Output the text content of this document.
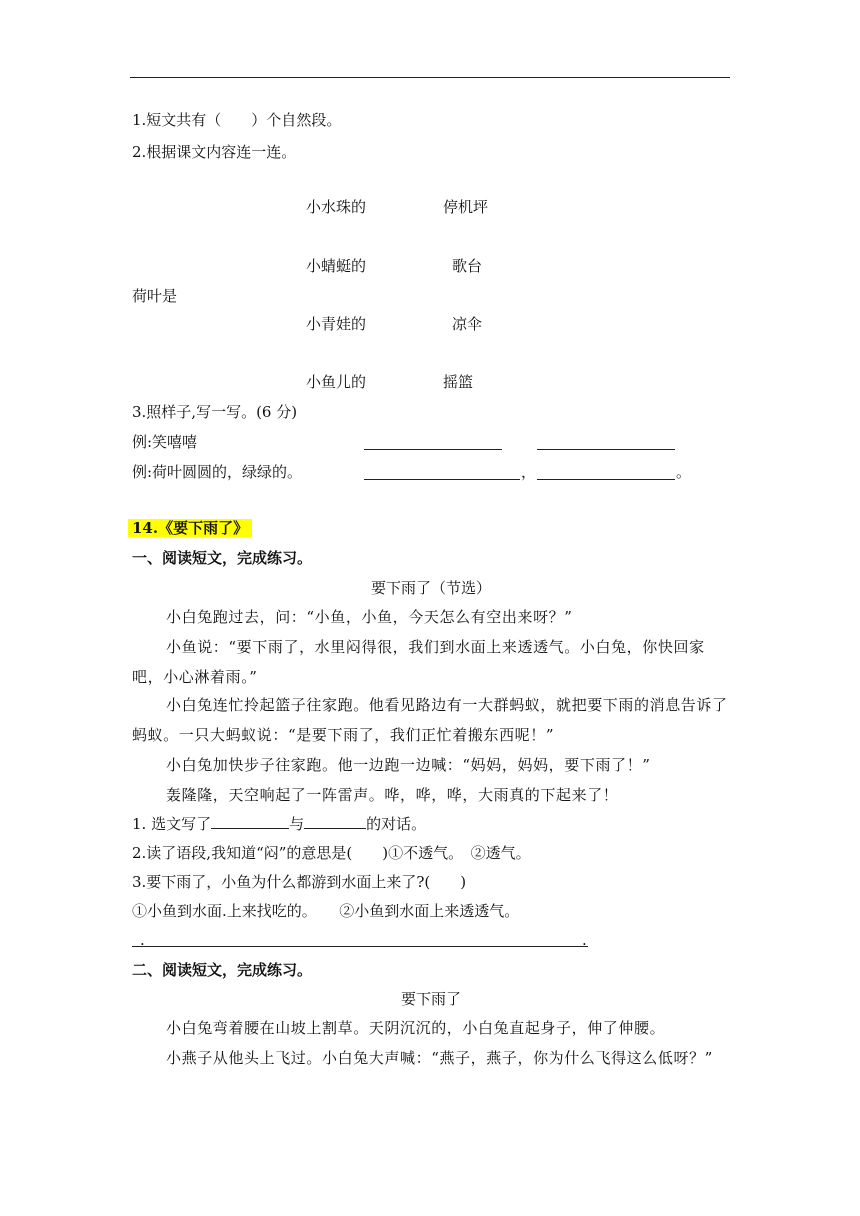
1.短文共有（　　）个自然段。
2.根据课文内容连一连。
小水珠的	停机坪
小蜻蜓的	歌台
荷叶是
小青娃的	凉伞
小鱼儿的	摇篮
3.照样子,写一写。(6 分)
例:笑嘻嘻
例:荷叶圆圆的，绿绿的。	，	。
14.《要下雨了》
一、阅读短文，完成练习。
要下雨了（节选）
小白兔跑过去，问：“小鱼，小鱼，今天怎么有空出来呀？”
小鱼说：“要下雨了，水里闷得很，我们到水面上来透透气。小白兔，你快回家吧，小心淋着雨。”
小白兔连忙拎起篮子往家跑。他看见路边有一大群蚂蚁，就把要下雨的消息告诉了蚂蚁。一只大蚂蚁说：“是要下雨了，我们正忙着搬东西呢！”
小白兔加快步子往家跑。他一边跑一边喊：“妈妈，妈妈，要下雨了！”
轰隆隆，天空响起了一阵雷声。哗，哗，哗，大雨真的下起来了！
1. 选文写了	与	的对话。
2.读了语段,我知道“闷”的意思是(　　)①不透气。　②透气。
3.要下雨了，小鱼为什么都游到水面上来了?(　　)
①小鱼到水面.上来找吃的。　　②小鱼到水面上来透透气。
.	.
二、阅读短文，完成练习。
要下雨了
小白兔弯着腰在山坡上割草。天阴沉沉的，小白兔直起身子，伸了伸腰。
小燕子从他头上飞过。小白兔大声喊：“燕子，燕子，你为什么飞得这么低呀？”
